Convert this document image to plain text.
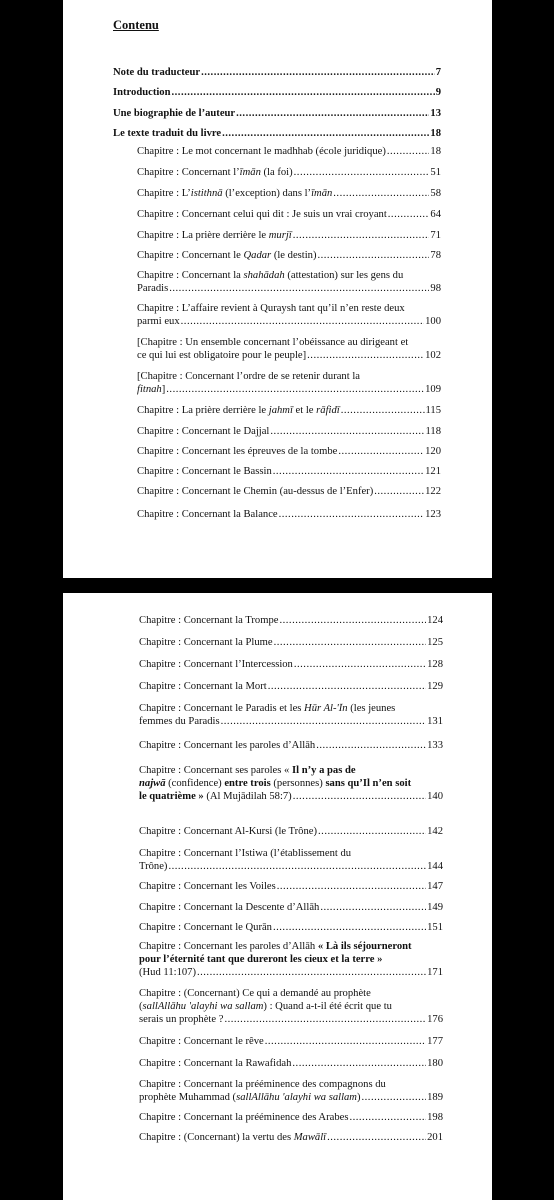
Contenu
Note du traducteur .....	7
Introduction .....	9
Une biographie de l’auteur .....	13
Le texte traduit du livre .....	18
Chapitre : Le mot concernant le madhhab (école juridique) .....	18
Chapitre : Concernant l’īmān (la foi) .....	51
Chapitre : L’istithnā (l’exception) dans l’īmān .....	58
Chapitre : Concernant celui qui dit : Je suis un vrai croyant .....	64
Chapitre : La prière derrière le murjī .....	71
Chapitre : Concernant le Qadar (le destin) .....	78
Chapitre : Concernant la shahādah (attestation) sur les gens du
Paradis .....	98
Chapitre : L’affaire revient à Quraysh tant qu’il n’en reste deux
parmi eux .....	100
[Chapitre : Un ensemble concernant l’obéissance au dirigeant et
ce qui lui est obligatoire pour le peuple] .....	102
[Chapitre : Concernant l’ordre de se retenir durant la
fitnah] .....	109
Chapitre : La prière derrière le jahmī et le rāfidī .....	115
Chapitre : Concernant le Dajjal .....	118
Chapitre : Concernant les épreuves de la tombe .....	120
Chapitre : Concernant le Bassin .....	121
Chapitre : Concernant le Chemin (au-dessus de l’Enfer) .....	122
Chapitre : Concernant la Balance .....	123
Chapitre : Concernant la Trompe .....	124
Chapitre : Concernant la Plume .....	125
Chapitre : Concernant l’Intercession .....	128
Chapitre : Concernant la Mort .....	129
Chapitre : Concernant le Paradis et les Hūr Al-'Īn (les jeunes
femmes du Paradis .....	131
Chapitre : Concernant les paroles d’Allāh .....	133
Chapitre : Concernant ses paroles « Il n’y a pas de
najwā (confidence) entre trois (personnes) sans qu’Il n’en soit
le quatrième » (Al Mujādilah 58:7) .....	140
Chapitre : Concernant Al-Kursi (le Trône) .....	142
Chapitre : Concernant l’Istiwa (l’établissement du
Trône) .....	144
Chapitre : Concernant les Voiles .....	147
Chapitre : Concernant la Descente d’Allāh .....	149
Chapitre : Concernant le Qurān .....	151
Chapitre : Concernant les paroles d’Allāh « Là ils séjourneront
pour l’éternité tant que dureront les cieux et la terre »
(Hud 11:107) .....	171
Chapitre : (Concernant) Ce qui a demandé au prophète
(sallAllāhu 'alayhi wa sallam) : Quand a-t-il été écrit que tu
serais un prophète ? .....	176
Chapitre : Concernant le rêve .....	177
Chapitre : Concernant la Rawafidah .....	180
Chapitre : Concernant la prééminence des compagnons du
prophète Muhammad (sallAllāhu 'alayhi wa sallam) .....	189
Chapitre : Concernant la prééminence des Arabes .....	198
Chapitre : (Concernant) la vertu des Mawālī .....	201
